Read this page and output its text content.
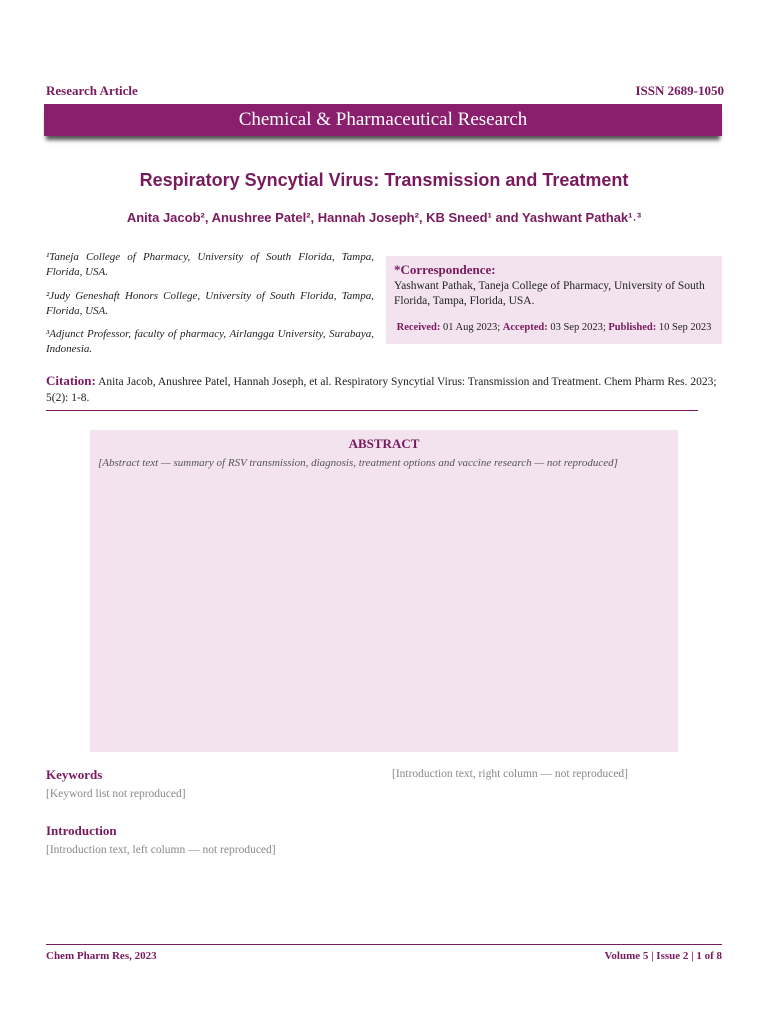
Research Article	ISSN 2689-1050
Chemical & Pharmaceutical Research
Respiratory Syncytial Virus: Transmission and Treatment
Anita Jacob², Anushree Patel², Hannah Joseph², KB Sneed¹ and Yashwant Pathak¹˒³

¹Taneja College of Pharmacy, University of South Florida, Tampa, Florida, USA.

²Judy Geneshaft Honors College, University of South Florida, Tampa, Florida, USA.

³Adjunct Professor, faculty of pharmacy, Airlangga University, Surabaya, Indonesia.

*Correspondence:
Yashwant Pathak, Taneja College of Pharmacy, University of South Florida, Tampa, Florida, USA.
Received: 01 Aug 2023; Accepted: 03 Sep 2023; Published: 10 Sep 2023
Citation: Anita Jacob, Anushree Patel, Hannah Joseph, et al. Respiratory Syncytial Virus: Transmission and Treatment. Chem Pharm Res. 2023; 5(2): 1-8.
ABSTRACT
[Abstract text — summary of RSV transmission, diagnosis, treatment options and vaccine research — not reproduced]
Keywords
[Keyword list not reproduced]
Introduction
[Introduction text, left column — not reproduced]
[Introduction text, right column — not reproduced]
Chem Pharm Res, 2023	Volume 5 | Issue 2 | 1 of 8
